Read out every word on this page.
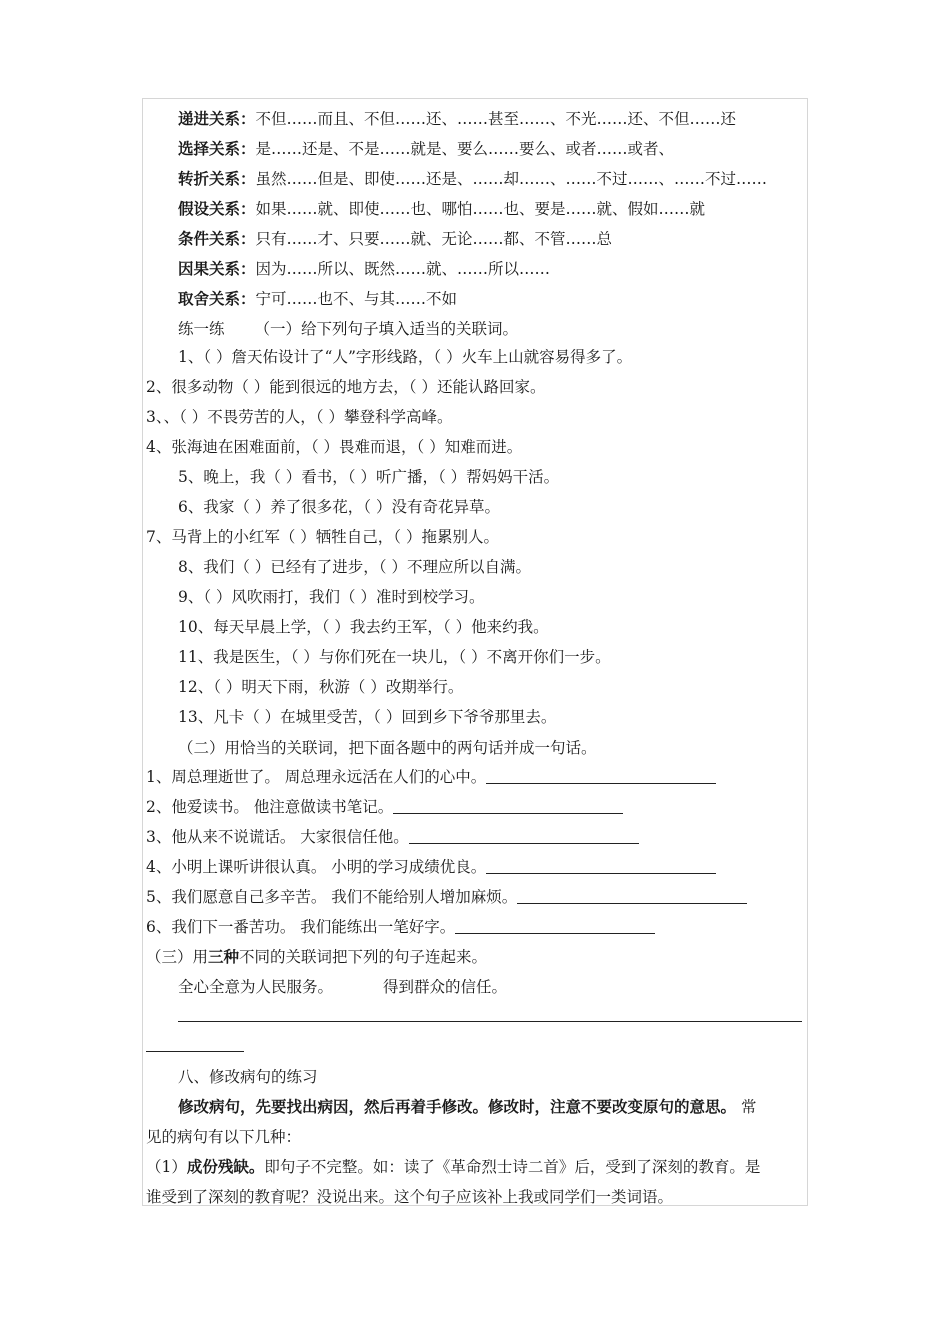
递进关系：不但……而且、不但……还、……甚至……、不光……还、不但……还
选择关系：是……还是、不是……就是、要么……要么、或者……或者、
转折关系：虽然……但是、即使……还是、……却……、……不过……、……不过……
假设关系：如果……就、即使……也、哪怕……也、要是……就、假如……就
条件关系：只有……才、只要……就、无论……都、不管……总
因果关系：因为……所以、既然……就、……所以……
取舍关系：宁可……也不、与其……不如
练一练 （一）给下列句子填入适当的关联词。
1、（ ）詹天佑设计了“人”字形线路，（ ）火车上山就容易得多了。
2、很多动物（ ）能到很远的地方去，（ ）还能认路回家。
3、、（ ）不畏劳苦的人，（ ）攀登科学高峰。
4、张海迪在困难面前，（ ）畏难而退，（ ）知难而进。
5、晚上，我（ ）看书，（ ）听广播，（ ）帮妈妈干活。
6、我家（ ）养了很多花，（ ）没有奇花异草。
7、马背上的小红军（ ）牺牲自己，（ ）拖累别人。
8、我们（ ）已经有了进步，（ ）不理应所以自满。
9、（ ）风吹雨打，我们（ ）准时到校学习。
10、每天早晨上学，（ ）我去约王军，（ ）他来约我。
11、我是医生，（ ）与你们死在一块儿，（ ）不离开你们一步。
12、（ ）明天下雨，秋游（ ）改期举行。
13、凡卡（ ）在城里受苦，（ ）回到乡下爷爷那里去。
（二）用恰当的关联词，把下面各题中的两句话并成一句话。
1、周总理逝世了。 周总理永远活在人们的心中。
2、他爱读书。 他注意做读书笔记。
3、他从来不说谎话。 大家很信任他。
4、小明上课听讲很认真。 小明的学习成绩优良。
5、我们愿意自己多辛苦。 我们不能给别人增加麻烦。
6、我们下一番苦功。 我们能练出一笔好字。
（三）用三种不同的关联词把下列的句子连起来。
全心全意为人民服务。	得到群众的信任。
八、修改病句的练习
修改病句，先要找出病因，然后再着手修改。修改时，注意不要改变原句的意思。 常
见的病句有以下几种：
（1）成份残缺。即句子不完整。如：读了《革命烈士诗二首》后，受到了深刻的教育。是
谁受到了深刻的教育呢？没说出来。这个句子应该补上我或同学们一类词语。
